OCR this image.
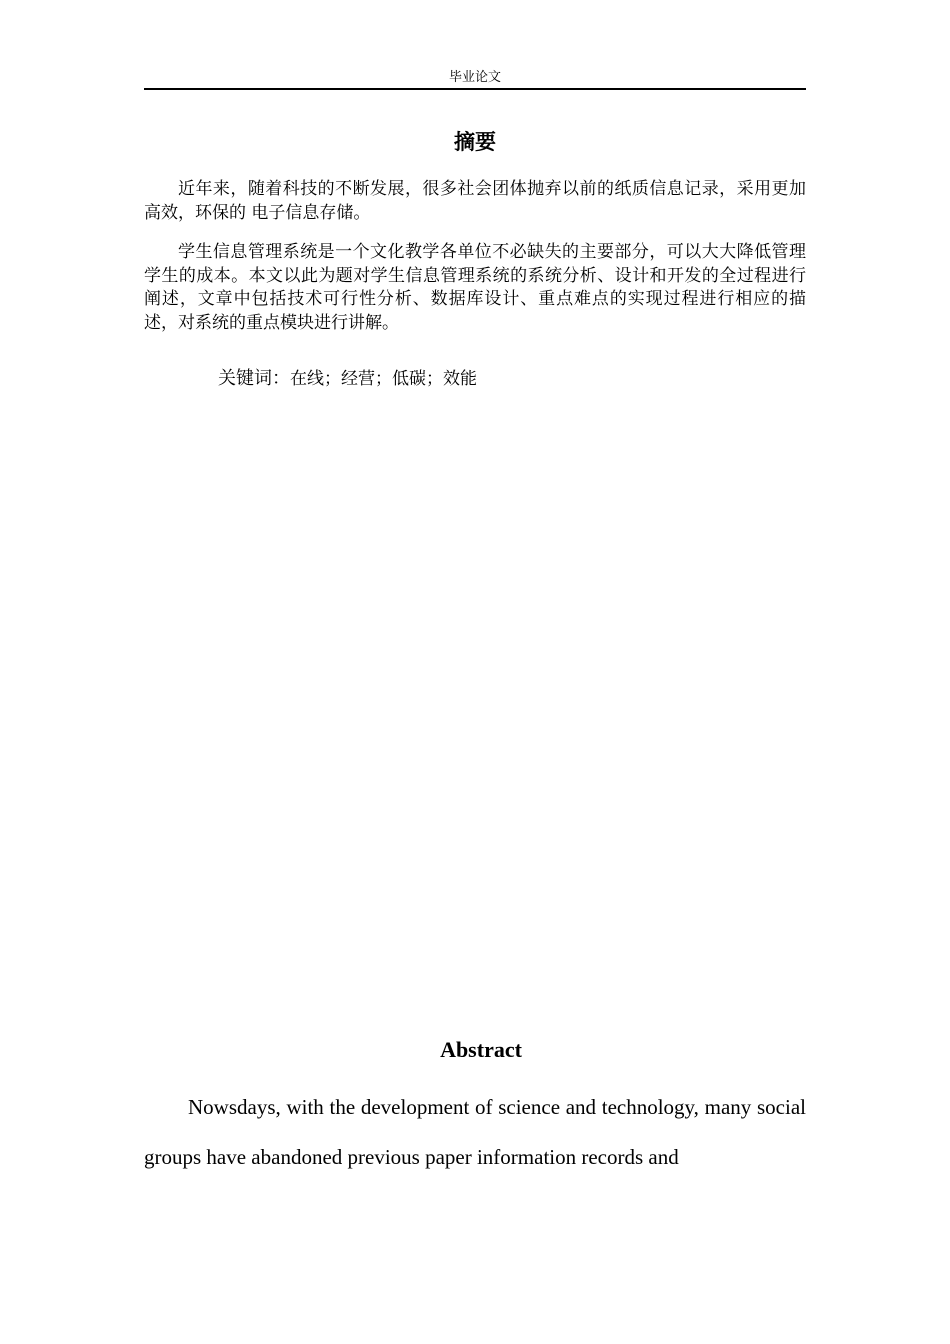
毕业论文
摘要

近年来，随着科技的不断发展，很多社会团体抛弃以前的纸质信息记录，采用更加高效，环保的 电子信息存储。

学生信息管理系统是一个文化教学各单位不必缺失的主要部分，可以大大降低管理学生的成本。本文以此为题对学生信息管理系统的系统分析、设计和开发的全过程进行阐述，文章中包括技术可行性分析、数据库设计、重点难点的实现过程进行相应的描述，对系统的重点模块进行讲解。

关键词：在线；经营；低碳；效能
Abstract

Nowsdays, with the development of science and technology, many social groups have abandoned previous paper information records and
